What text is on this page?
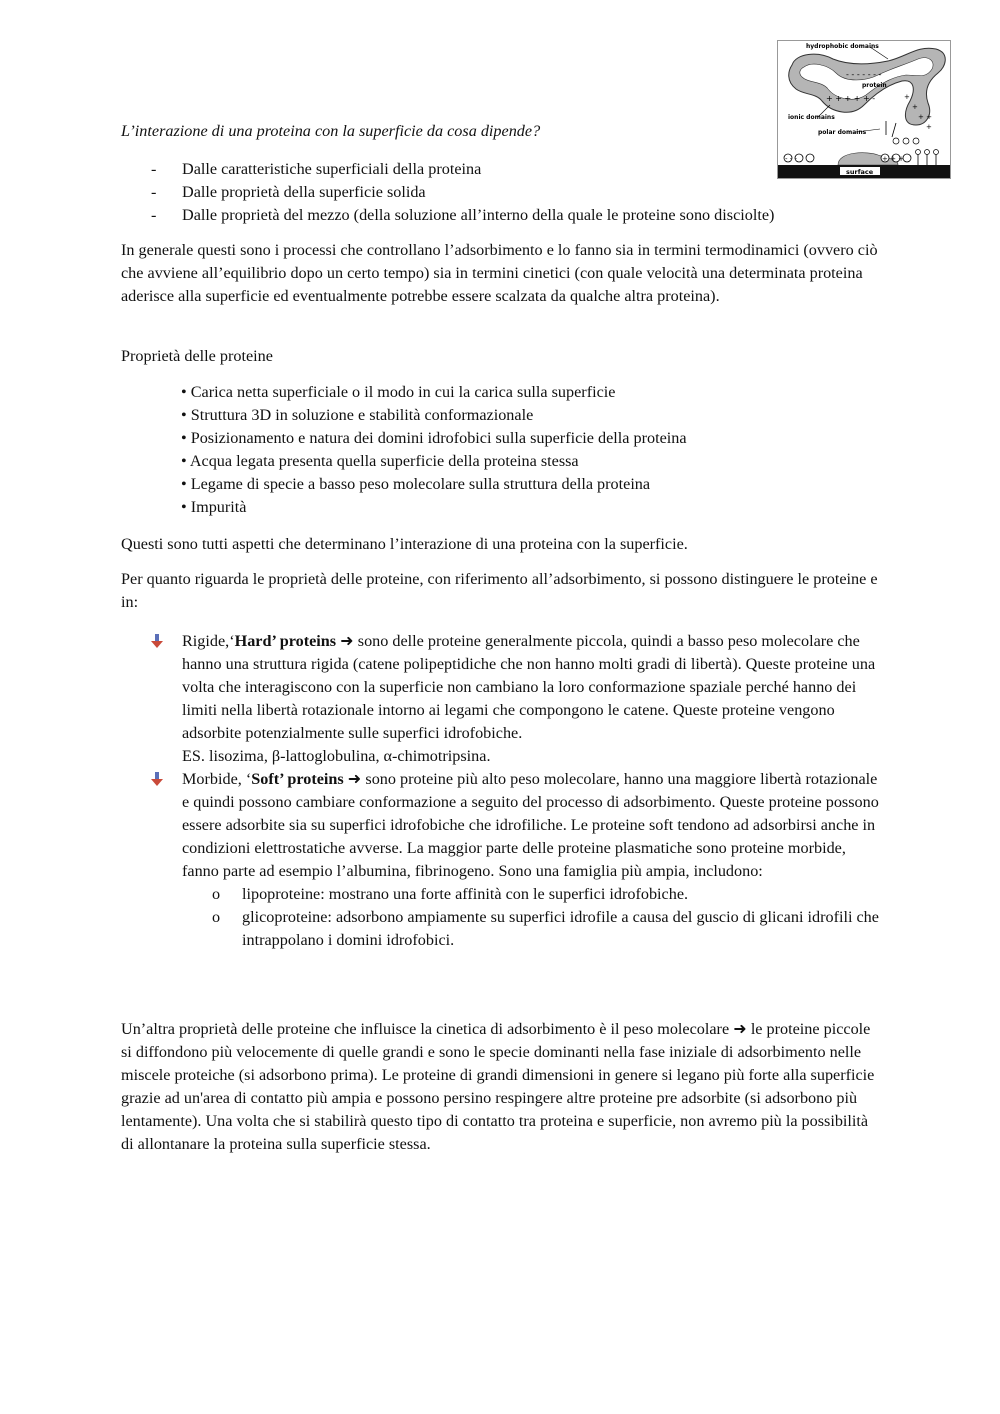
- - - - - - -
+ + + + + -	+
+
+ +
+
hydrophobic domains
protein
ionic domains
polar domains
- - -	+ + +
surface

L’interazione di una proteina con la superficie da cosa dipende?

- Dalle caratteristiche superficiali della proteina
- Dalle proprietà della superficie solida
- Dalle proprietà del mezzo (della soluzione all’interno della quale le proteine sono disciolte)

In generale questi sono i processi che controllano l’adsorbimento e lo fanno sia in termini termodinamici (ovvero ciò che avviene all’equilibrio dopo un certo tempo) sia in termini cinetici (con quale velocità una determinata proteina aderisce alla superficie ed eventualmente potrebbe essere scalzata da qualche altra proteina).

Proprietà delle proteine

• Carica netta superficiale o il modo in cui la carica sulla superficie
• Struttura 3D in soluzione e stabilità conformazionale
• Posizionamento e natura dei domini idrofobici sulla superficie della proteina
• Acqua legata presenta quella superficie della proteina stessa
• Legame di specie a basso peso molecolare sulla struttura della proteina
• Impurità

Questi sono tutti aspetti che determinano l’interazione di una proteina con la superficie.

Per quanto riguarda le proprietà delle proteine, con riferimento all’adsorbimento, si possono distinguere le proteine e in:

Rigide,‘Hard’ proteins ➜ sono delle proteine generalmente piccola, quindi a basso peso molecolare che hanno una struttura rigida (catene polipeptidiche che non hanno molti gradi di libertà). Queste proteine una volta che interagiscono con la superficie non cambiano la loro conformazione spaziale perché hanno dei limiti nella libertà rotazionale intorno ai legami che compongono le catene. Queste proteine vengono adsorbite potenzialmente sulle superfici idrofobiche.
ES. lisozima, β-lattoglobulina, α-chimotripsina.
Morbide, ‘Soft’ proteins ➜ sono proteine più alto peso molecolare, hanno una maggiore libertà rotazionale e quindi possono cambiare conformazione a seguito del processo di adsorbimento. Queste proteine possono essere adsorbite sia su superfici idrofobiche che idrofiliche. Le proteine soft tendono ad adsorbirsi anche in condizioni elettrostatiche avverse. La maggior parte delle proteine plasmatiche sono proteine morbide, fanno parte ad esempio l’albumina, fibrinogeno. Sono una famiglia più ampia, includono:
o lipoproteine: mostrano una forte affinità con le superfici idrofobiche.
o glicoproteine: adsorbono ampiamente su superfici idrofile a causa del guscio di glicani idrofili che intrappolano i domini idrofobici.

Un’altra proprietà delle proteine che influisce la cinetica di adsorbimento è il peso molecolare ➜ le proteine piccole si diffondono più velocemente di quelle grandi e sono le specie dominanti nella fase iniziale di adsorbimento nelle miscele proteiche (si adsorbono prima). Le proteine di grandi dimensioni in genere si legano più forte alla superficie grazie ad un'area di contatto più ampia e possono persino respingere altre proteine pre adsorbite (si adsorbono più lentamente). Una volta che si stabilirà questo tipo di contatto tra proteina e superficie, non avremo più la possibilità di allontanare la proteina sulla superficie stessa.
